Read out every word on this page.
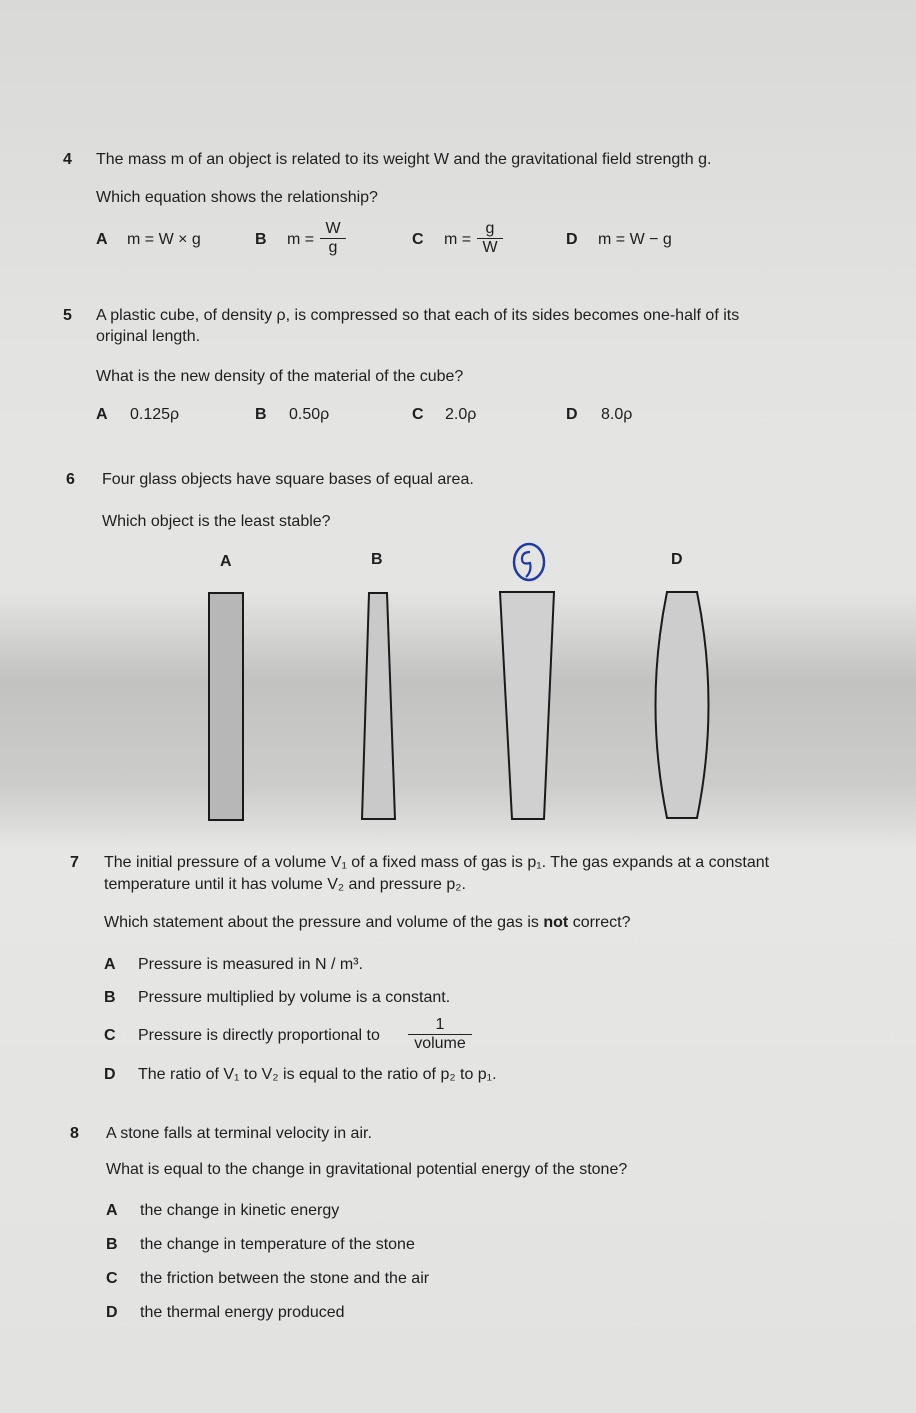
4 The mass m of an object is related to its weight W and the gravitational field strength g.
Which equation shows the relationship?
A m = W × g	B $m = \frac{W}{g}$	C $m = \frac{g}{W}$	D m = W − g
5 A plastic cube, of density ρ, is compressed so that each of its sides becomes one-half of its
original length.
What is the new density of the material of the cube?
A 0.125ρ	B 0.50ρ	C 2.0ρ	D 8.0ρ
6 Four glass objects have square bases of equal area.
Which object is the least stable?
A	B	D
7 The initial pressure of a volume V₁ of a fixed mass of gas is p₁. The gas expands at a constant
temperature until it has volume V₂ and pressure p₂.
Which statement about the pressure and volume of the gas is not correct?
A Pressure is measured in N / m³.
B Pressure multiplied by volume is a constant.
C Pressure is directly proportional to
1
volume
D The ratio of V₁ to V₂ is equal to the ratio of p₂ to p₁.
8 A stone falls at terminal velocity in air.
What is equal to the change in gravitational potential energy of the stone?
A the change in kinetic energy
B the change in temperature of the stone
C the friction between the stone and the air
D the thermal energy produced
